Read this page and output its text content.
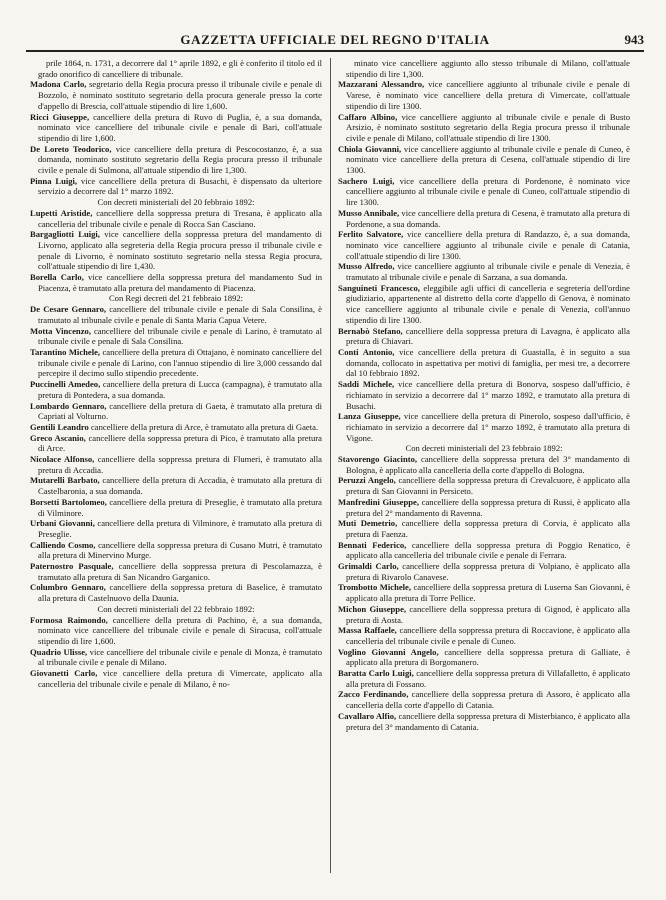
GAZZETTA UFFICIALE DEL REGNO D'ITALIA	943

prile 1864, n. 1731, a decorrere dal 1° aprile 1892, e gli è conferito il titolo ed il grado onorifico di cancelliere di tribunale.

Madona Carlo, segretario della Regia procura presso il tribunale civile e penale di Bozzolo, è nominato sostituto segretario della procura generale presso la corte d'appello di Brescia, coll'attuale stipendio di lire 1,600.

Ricci Giuseppe, cancelliere della pretura di Ruvo di Puglia, è, a sua domanda, nominato vice cancelliere del tribunale civile e penale di Bari, coll'attuale stipendio di lire 1,600.

De Loreto Teodorico, vice cancelliere della pretura di Pescocostanzo, è, a sua domanda, nominato sostituto segretario della Regia procura presso il tribunale civile e penale di Sulmona, all'attuale stipendio di lire 1,300.

Pinna Luigi, vice cancelliere della pretura di Busachi, è dispensato da ulteriore servizio a decorrere dal 1° marzo 1892.

Con decreti ministeriali del 20 febbraio 1892:

Lupetti Aristide, cancelliere della soppressa pretura di Tresana, è applicato alla cancelleria del tribunale civile e penale di Rocca San Casciano.

Bargagliotti Luigi, vice cancelliere della soppressa pretura del mandamento di Livorno, applicato alla segreteria della Regia procura presso il tribunale civile e penale di Livorno, è nominato sostituto segretario nella stessa Regia procura, coll'attuale stipendio di lire 1,430.

Borella Carlo, vice cancelliere della soppressa pretura del mandamento Sud in Piacenza, è tramutato alla pretura del mandamento di Piacenza.

Con Regi decreti del 21 febbraio 1892:

De Cesare Gennaro, cancelliere del tribunale civile e penale di Sala Consilina, è tramutato al tribunale civile e penale di Santa Maria Capua Vetere.

Motta Vincenzo, cancelliere del tribunale civile e penale di Larino, è tramutato al tribunale civile e penale di Sala Consilina.

Tarantino Michele, cancelliere della pretura di Ottajano, è nominato cancelliere del tribunale civile e penale di Larino, con l'annuo stipendio di lire 3,000 cessando dal percepire il decimo sullo stipendio precedente.

Puccinelli Amedeo, cancelliere della pretura di Lucca (campagna), è tramutato alla pretura di Pontedera, a sua domanda.

Lombardo Gennaro, cancelliere della pretura di Gaeta, è tramutato alla pretura di Capriati al Volturno.

Gentili Leandro cancelliere della pretura di Arce, è tramutato alla pretura di Gaeta.

Greco Ascanio, cancelliere della soppressa pretura di Pico, è tramutato alla pretura di Arce.

Nicolace Alfonso, cancelliere della soppressa pretura di Flumeri, è tramutato alla pretura di Accadia.

Mutarelli Barbato, cancelliere della pretura di Accadia, è tramutato alla pretura di Castelbaronia, a sua domanda.

Borsetti Bartolomeo, cancelliere della pretura di Preseglie, è tramutato alla pretura di Vilminore.

Urbani Giovanni, cancelliere della pretura di Vilminore, è tramutato alla pretura di Preseglie.

Calliendo Cosmo, cancelliere della soppressa pretura di Cusano Mutri, è tramutato alla pretura di Minervino Murge.

Paternostro Pasquale, cancelliere della soppressa pretura di Pescolamazza, è tramutato alla pretura di San Nicandro Garganico.

Columbro Gennaro, cancelliere della soppressa pretura di Baselice, è tramutato alla pretura di Castelnuovo della Daunia.

Con decreti ministeriali del 22 febbraio 1892:

Formosa Raimondo, cancelliere della pretura di Pachino, è, a sua domanda, nominato vice cancelliere del tribunale civile e penale di Siracusa, coll'attuale stipendio di lire 1,600.

Quadrio Ulisse, vice cancelliere del tribunale civile e penale di Monza, è tramutato al tribunale civile e penale di Milano.

Giovanetti Carlo, vice cancelliere della pretura di Vimercate, applicato alla cancelleria del tribunale civile e penale di Milano, è no-

minato vice cancelliere aggiunto allo stesso tribunale di Milano, coll'attuale stipendio di lire 1,300.

Mazzarani Alessandro, vice cancelliere aggiunto al tribunale civile e penale di Varese, è nominato vice cancelliere della pretura di Vimercate, coll'attuale stipendio di lire 1300.

Caffaro Albino, vice cancelliere aggiunto al tribunale civile e penale di Busto Arsizio, è nominato sostituto segretario della Regia procura presso il tribunale civile e penale di Milano, coll'attuale stipendio di lire 1300.

Chiola Giovanni, vice cancelliere aggiunto al tribunale civile e penale di Cuneo, è nominato vice cancelliere della pretura di Cesena, coll'attuale stipendio di lire 1300.

Sachero Luigi, vice cancelliere della pretura di Pordenone, è nominato vice cancelliere aggiunto al tribunale civile e penale di Cuneo, coll'attuale stipendio di lire 1300.

Musso Annibale, vice cancelliere della pretura di Cesena, è tramutato alla pretura di Pordenone, a sua domanda.

Ferlito Salvatore, vice cancelliere della pretura di Randazzo, è, a sua domanda, nominato vice cancelliere aggiunto al tribunale civile e penale di Catania, coll'attuale stipendio di lire 1300.

Musso Alfredo, vice cancelliere aggiunto al tribunale civile e penale di Venezia, è tramutato al tribunale civile e penale di Sarzana, a sua domanda.

Sanguineti Francesco, eleggibile agli uffici di cancelleria e segreteria dell'ordine giudiziario, appartenente al distretto della corte d'appello di Genova, è nominato vice cancelliere aggiunto al tribunale civile e penale di Venezia, coll'annuo stipendio di lire 1300.

Bernabò Stefano, cancelliere della soppressa pretura di Lavagna, è applicato alla pretura di Chiavari.

Conti Antonio, vice cancelliere della pretura di Guastalla, è in seguito a sua domanda, collocato in aspettativa per motivi di famiglia, per mesi tre, a decorrere dal 10 febbraio 1892.

Saddi Michele, vice cancelliere della pretura di Bonorva, sospeso dall'ufficio, è richiamato in servizio a decorrere dal 1° marzo 1892, e tramutato alla pretura di Busachi.

Lanza Giuseppe, vice cancelliere della pretura di Pinerolo, sospeso dall'ufficio, è richiamato in servizio a decorrere dal 1° marzo 1892, è tramutato alla pretura di Vigone.

Con decreti ministeriali del 23 febbraio 1892:

Stavorengo Giacinto, cancelliere della soppressa pretura del 3° mandamento di Bologna, è applicato alla cancelleria della corte d'appello di Bologna.

Peruzzi Angelo, cancelliere della soppressa pretura di Crevalcuore, è applicato alla pretura di San Giovanni in Persiceto.

Manfredini Giuseppe, cancelliere della soppressa pretura di Russi, è applicato alla pretura del 2° mandamento di Ravenna.

Muti Demetrio, cancelliere della soppressa pretura di Corvia, è applicato alla pretura di Faenza.

Bennati Federico, cancelliere della soppressa pretura di Poggio Renatico, è applicato alla cancelleria del tribunale civile e penale di Ferrara.

Grimaldi Carlo, cancelliere della soppressa pretura di Volpiano, è applicato alla pretura di Rivarolo Canavese.

Trombotto Michele, cancelliere della soppressa pretura di Luserna San Giovanni, è applicato alla pretura di Torre Pellice.

Michon Giuseppe, cancelliere della soppressa pretura di Gignod, è applicato alla pretura di Aosta.

Massa Raffaele, cancelliere della soppressa pretura di Roccavione, è applicato alla cancelleria del tribunale civile e penale di Cuneo.

Voglino Giovanni Angelo, cancelliere della soppressa pretura di Galliate, è applicato alla pretura di Borgomanero.

Baratta Carlo Luigi, cancelliere della soppressa pretura di Villafalletto, è applicato alla pretura di Fossano.

Zacco Ferdinando, cancelliere della soppressa pretura di Assoro, è applicato alla cancelleria della corte d'appello di Catania.

Cavallaro Alfio, cancelliere della soppressa pretura di Misterbianco, è applicato alla pretura del 3° mandamento di Catania.
